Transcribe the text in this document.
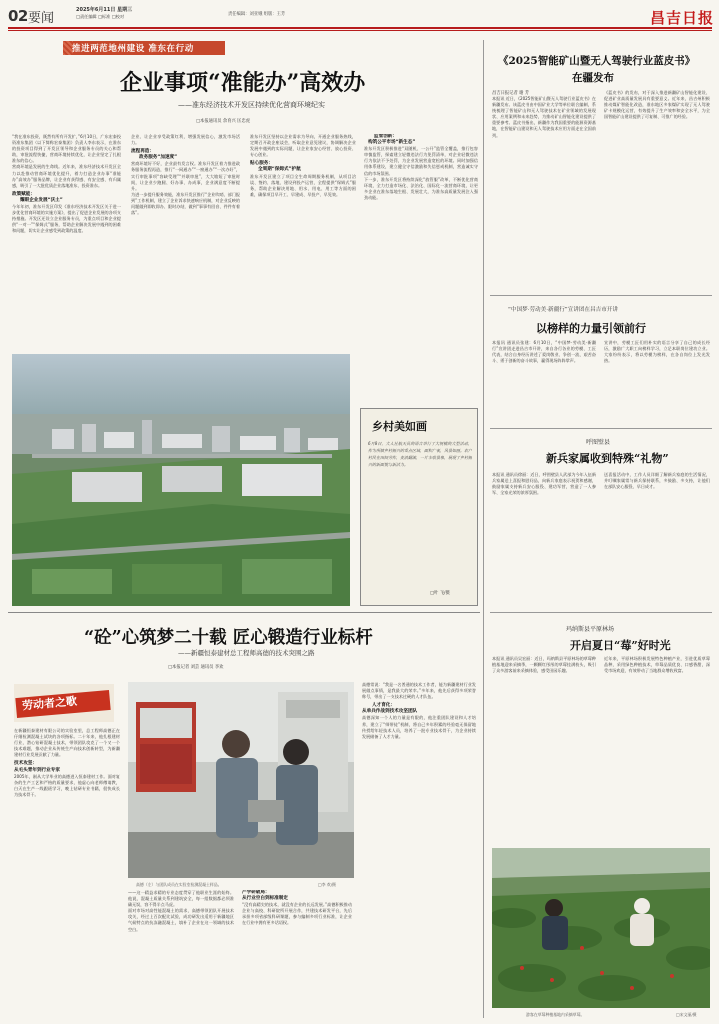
02 要闻
2025年6月11日 星期三
□责任编辑 □标准 □校对	责任编辑：刘亚娥 组版：王芳	昌吉日报
推进两范地州建设 准东在行动
企业事项“准能办”高效办
——准东经济技术开发区持续优化营商环境纪实
□本报通讯员 余育兴 匡忠虎

“我在准东投资，既然有所有开发扩，”6月10日，广东宏泰投资准东集团（以下简称宏泰集团）负责人李东表示，在准东的投资项目得到了开发区领导和企业服务专员的关心和帮助，审批流程快捷，营商环境持续优化，让企业坚定了扎根准东的信心。

营商环境是发展的生命线。近年来，准东经济技术开发区全力以赴推动营商环境优化提升，着力打造企业办事“准能办”高效办”服务品牌，让企业有获得感、有安全感、有归属感，吸引了一大批优质企业落地准东、投资准东。

政策赋能：
耀眼企业发展“沃土”

今年年初，准东开发区印发《准东经济技术开发区关于进一步优化营商环境的实施方案》，提出了促进企业发展的各项支持措施。开发区还设立企业服务专员，为重点项目和企业提供“一对一”“保姆式”服务，帮助企业解决发展中遇到的困难和问题，切实让企业感受到政策的温度。

企业、让企业享受政策红利，增强发展信心，激发市场活力。

流程再造：
政务服务“加速度”

营商环境好不好，企业最有发言权。准东开发区着力推进政务服务流程再造，推行“一网通办”“一窗通办”“一次办好”，实行审批事项“容缺受理”“并联审批”，大大缩短了审批时间，让企业少跑腿、好办事、办成事，企业满意度不断提升。

为进一步提升服务效能，准东开发区推行“企业吹哨、部门报到”工作机制，建立了企业诉求快速响应机制，对企业反映的问题做到即收即办、限时办结，做到“事事有回音、件件有着落”。

准东开发区坚持以企业需求为导向，开通企业服务热线，定期召开政企座谈会，听取企业意见建议，协调解决企业发展中遇到的实际问题，让企业家安心经营、放心投资、专心创业。

贴心服务：
全周期“保姆式”护航

准东开发区建立了项目全生命周期服务机制，从项目洽谈、签约、落地、建设到投产运营，全程提供“保姆式”服务，帮助企业解决用地、用水、用电、用工等方面的困难，确保项目早开工、早建成、早投产、早见效。

监管创新：
构筑公平市场“新生态”

准东开发区积极推进“双随机、一公开”监管全覆盖，推行包容审慎监管，探索建立轻微违法行为免罚清单，对企业轻微违法行为依法不予处罚，为企业发展营造宽松的环境。同时加强信用体系建设，建立健全守信激励和失信惩戒机制，营造诚实守信的市场氛围。

下一步，准东开发区将持续深化“放管服”改革，不断优化营商环境，全力打造市场化、法治化、国际化一流营商环境，让更多企业在准东落地生根、发展壮大，为准东高质量发展注入强劲动能。

乡村美如画
6月8日，大人社航天员的语言举行了大规模的大型活动，作为所辖乡村振兴的重点区域，面积广袤，风景如画。农户村民在田间劳作，麦浪翻滚，一片丰收景象，展现了乡村振兴的新面貌与新活力。
□叶 飞/摄
“砼”心筑梦二十载 匠心锻造行业标杆
——新疆恒泰建材总工程师高德的技术突围之路
□本报记者 刘芸 通讯员 李欢
劳动者之歌

在新疆恒泰建材有限公司的实验室里，总工程师高德正在仔细检测混凝土试块的各项指标。二十年来，他扎根建材行业，潜心钻研混凝土技术，带领团队攻克了一个又一个技术难题，推动企业从传统生产向技术创新转型，为新疆建材行业发展贡献了力量。

技术攻坚：
从毛头青年到行业专家

2005年，刚从大学毕业的高德进入恒泰建材工作。面对复杂的生产工艺和严格的质量要求，他虚心向老师傅请教，白天在生产一线跟班学习，晚上钻研专业书籍，很快成长为技术骨干。

高德（左）与团队成员在实验室检测混凝土样品。	□李 欢/摄

——这一精益求精的专业态度贯穿了他职业生涯的始终。他说，混凝土质量关系到建筑安全，每一组数据都必须准确无误，容不得半点马虎。

面对市场对高性能混凝土的需求，高德带领团队开展技术攻关，经过上百次配比试验，成功研发出适用于新疆地区气候特点的抗冻融混凝土，填补了企业在这一领域的技术空白。

产学研破局：
从行业空白到标准制定

“没有高精尖的技术，就没有企业的长远发展。”高德积极推动企业与高校、科研院所开展合作，共建技术研发平台，先后承担多项省部级科研课题，参与编制多项行业标准，让企业在行业中拥有更多话语权。

高德常说：“我是一名普通的技术工作者，能为新疆建材行业发展做点事情，是我最大的荣幸。”多年来，他先后获得多项荣誉称号，带出了一支技术过硬的人才队伍。

人才育化：
从单兵作战到技术攻坚团队

高德深知一个人的力量是有限的，他注重团队建设和人才培养，建立了“师带徒”机制，将自己多年积累的经验毫无保留地传授给年轻技术人员，培养了一批专业技术骨干，为企业持续发展储备了人才力量。

《2025智能矿山暨无人驾驶行业蓝皮书》
在疆发布
昌吉日报记者 谢 芳
本报讯 近日，《2025智能矿山暨无人驾驶行业蓝皮书》在新疆发布。该蓝皮书由中国矿业大学等单位联合编制，系统梳理了智能矿山和无人驾驶技术在矿业领域的发展现状、应用案例和未来趋势，为推动矿山智能化建设提供了重要参考。蓝皮书指出，新疆作为我国重要的能源资源基地，在智能矿山建设和无人驾驶技术应用方面走在全国前列。
《蓝皮书》的发布，对于深入推进新疆矿山智能化建设、促进矿业高质量发展具有重要意义。近年来，昌吉州积极推动煤矿智能化改造，准东地区多家煤矿实现了无人驾驶矿卡规模化运营，有效提升了生产效率和安全水平，为全国智能矿山建设提供了可复制、可推广的经验。
“中国梦·劳动美·新疆行”宣讲团在昌吉市开讲
以榜样的力量引领前行
本报讯 通讯员张建：6月10日，“中国梦·劳动美·新疆行”宣讲团走进昌吉市开讲，来自各行各业的劳模、工匠代表，结合自身经历讲述了爱岗敬业、争创一流、艰苦奋斗、勇于创新的奋斗故事，赢得现场阵阵掌声。
宣讲中，劳模工匠们用朴实的语言分享了自己的成长经历，激励广大职工向榜样学习，立足本职岗位建功立业。大家纷纷表示，将以劳模为榜样，在各自岗位上发光发热。
呼图壁县
新兵家属收到特殊“礼物”
本报讯 通讯员徐丽：近日，呼图壁县人武部为今年入伍新兵家属送上喜报和慰问品，向新兵家庭表示祝贺和感谢，鼓励家属支持新兵安心服役、建功军营，营造了一人参军、全家光荣的浓厚氛围。
送喜报活动中，工作人员详细了解新兵家庭的生活情况，并叮嘱家属常与新兵保持联系，多鼓励、多支持，让他们在部队安心服役、早日成才。
玛纳斯县平原林场
开启夏日“莓”好时光
本报讯 通讯员吴宏丽：近日，玛纳斯县平原林场的草莓种植基地迎来采摘季，一颗颗红彤彤的草莓挂满枝头，吸引了众多游客前来采摘体验，感受田园乐趣。
近年来，平原林场积极发展特色种植产业，引进优质草莓品种，采用绿色种植技术，草莓品质优良、口感香甜，深受市场欢迎，有效带动了当地群众增收致富。
游客在草莓种植基地内采摘草莓。	□宋文丽/摄
